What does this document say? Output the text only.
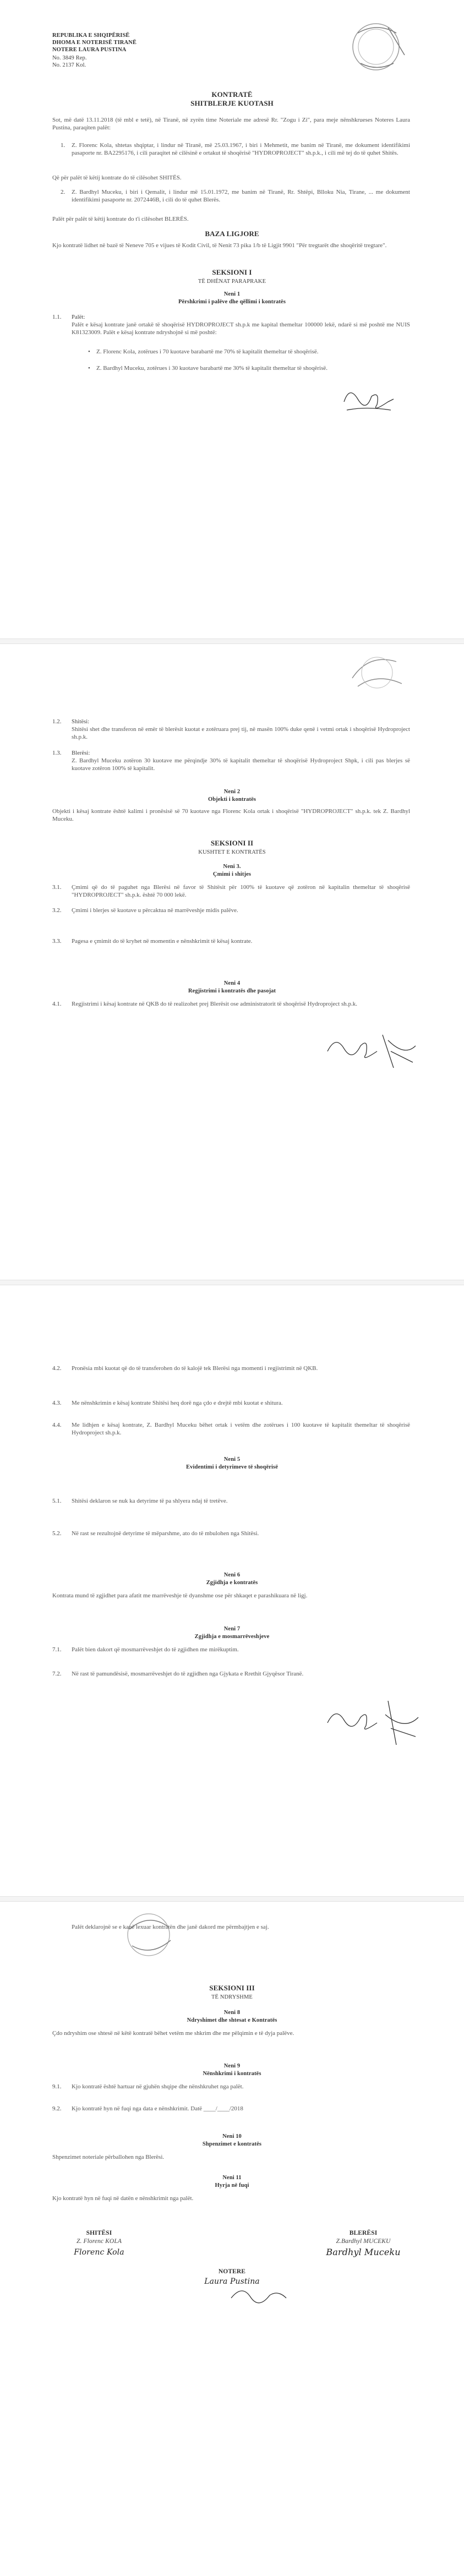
REPUBLIKA E SHQIPËRISË
DHOMA E NOTERISË TIRANË
NOTERE LAURA PUSTINA
No. 3849 Rep.
No. 2137 Kol.
KONTRATË
SHITBLERJE KUOTASH
Sot, më datë 13.11.2018 (të mbl e tetë), në Tiranë, në zyrën time Noteriale me adresë Rr. "Zogu i Zi", para meje nënshkrueses Noteres Laura Pustina, paraqiten palët:
1. Z. Florenc Kola, shtetas shqiptar, i lindur në Tiranë, më 25.03.1967, i biri i Mehmetit, me banim në Tiranë, me dokument identifikimi pasaporte nr. BA2295176, i cili paraqitet në cilësinë e ortakut të shoqërisë "HYDROPROJECT" sh.p.k., i cili më tej do të quhet Shitës.
Që për palët të këtij kontrate do të cilësohet SHITËS.
2. Z. Bardhyl Muceku, i biri i Qemalit, i lindur më 15.01.1972, me banim në Tiranë, Rr. Shtëpi, Blloku Nia, Tirane, ... me dokument identifikimi pasaporte nr. 2072446B, i cili do të quhet Blerës.
Palët për palët të këtij kontrate do t'i cilësohet BLERËS.
BAZA LIGJORE
Kjo kontratë lidhet në bazë të Neneve 705 e vijues të Kodit Civil, të Nenit 73 pika 1/b të Ligjit 9901 "Për tregtarët dhe shoqëritë tregtare".
SEKSIONI I
TË DHËNAT PARAPRAKE
Neni 1
Përshkrimi i palëve dhe qëllimi i kontratës
1.1. Palët:
Palët e kësaj kontrate janë ortakë të shoqërisë HYDROPROJECT sh.p.k me kapital themeltar 100000 lekë, ndarë si më poshtë me NUIS K81323009. Palët e kësaj kontrate ndryshojnë si më poshtë:
• Z. Florenc Kola, zotërues i 70 kuotave barabartë me 70% të kapitalit themeltar të shoqërisë.
• Z. Bardhyl Muceku, zotërues i 30 kuotave barabartë me 30% të kapitalit themeltar të shoqërisë.
1.2. Shitësi:
Shitësi shet dhe transferon në emër të blerësit kuotat e zotëruara prej tij, në masën 100% duke qenë i vetmi ortak i shoqërisë Hydroproject sh.p.k.
1.3. Blerësi:
Z. Bardhyl Muceku zotëron 30 kuotave me përqindje 30% të kapitalit themeltar të shoqërisë Hydroproject Shpk, i cili pas blerjes së kuotave zotëron 100% të kapitalit.
Neni 2
Objekti i kontratës
Objekti i kësaj kontrate është kalimi i pronësisë së 70 kuotave nga Florenc Kola ortak i shoqërisë "HYDROPROJECT" sh.p.k. tek Z. Bardhyl Muceku.
SEKSIONI II
KUSHTET E KONTRATËS
Neni 3.
Çmimi i shitjes
3.1. Çmimi që do të paguhet nga Blerësi në favor të Shitësit për 100% të kuotave që zotëron në kapitalin themeltar të shoqërisë "HYDROPROJECT" sh.p.k. është 70 000 lekë.
3.2. Çmimi i blerjes së kuotave u përcaktua në marrëveshje midis palëve.
3.3. Pagesa e çmimit do të kryhet në momentin e nënshkrimit të kësaj kontrate.
Neni 4
Regjistrimi i kontratës dhe pasojat
4.1. Regjistrimi i kësaj kontrate në QKB do të realizohet prej Blerësit ose administratorit të shoqërisë Hydroproject sh.p.k.
4.2. Pronësia mbi kuotat që do të transferohen do të kalojë tek Blerësi nga momenti i regjistrimit në QKB.
4.3. Me nënshkrimin e kësaj kontrate Shitësi heq dorë nga çdo e drejtë mbi kuotat e shitura.
4.4. Me lidhjen e kësaj kontrate, Z. Bardhyl Muceku bëhet ortak i vetëm dhe zotërues i 100 kuotave të kapitalit themeltar të shoqërisë Hydroproject sh.p.k.
Neni 5
Evidentimi i detyrimeve të shoqërisë
5.1. Shitësi deklaron se nuk ka detyrime të pa shlyera ndaj të tretëve.
5.2. Në rast se rezultojnë detyrime të mëparshme, ato do të mbulohen nga Shitësi.
Neni 6
Zgjidhja e kontratës
Kontrata mund të zgjidhet para afatit me marrëveshje të dyanshme ose për shkaqet e parashikuara në ligj.
Neni 7
Zgjidhja e mosmarrëveshjeve
7.1. Palët bien dakort që mosmarrëveshjet do të zgjidhen me mirëkuptim.
7.2. Në rast të pamundësisë, mosmarrëveshjet do të zgjidhen nga Gjykata e Rrethit Gjyqësor Tiranë.
Palët deklarojnë se e kanë lexuar kontratën dhe janë dakord me përmbajtjen e saj.
SEKSIONI III
TË NDRYSHME
Neni 8
Ndryshimet dhe shtesat e Kontratës
Çdo ndryshim ose shtesë në këtë kontratë bëhet vetëm me shkrim dhe me pëlqimin e të dyja palëve.
Neni 9
Nënshkrimi i kontratës
9.1. Kjo kontratë është hartuar në gjuhën shqipe dhe nënshkruhet nga palët.
9.2. Kjo kontratë hyn në fuqi nga data e nënshkrimit. Datë ____/____/2018
Neni 10
Shpenzimet e kontratës
Shpenzimet noteriale përballohen nga Blerësi.
Neni 11
Hyrja në fuqi
Kjo kontratë hyn në fuqi në datën e nënshkrimit nga palët.
SHITËSI
Z. Florenc KOLA
Florenc Kola
BLERËSI
Z.Bardhyl MUCEKU
Bardhyl Muceku
NOTERE
Laura Pustina
